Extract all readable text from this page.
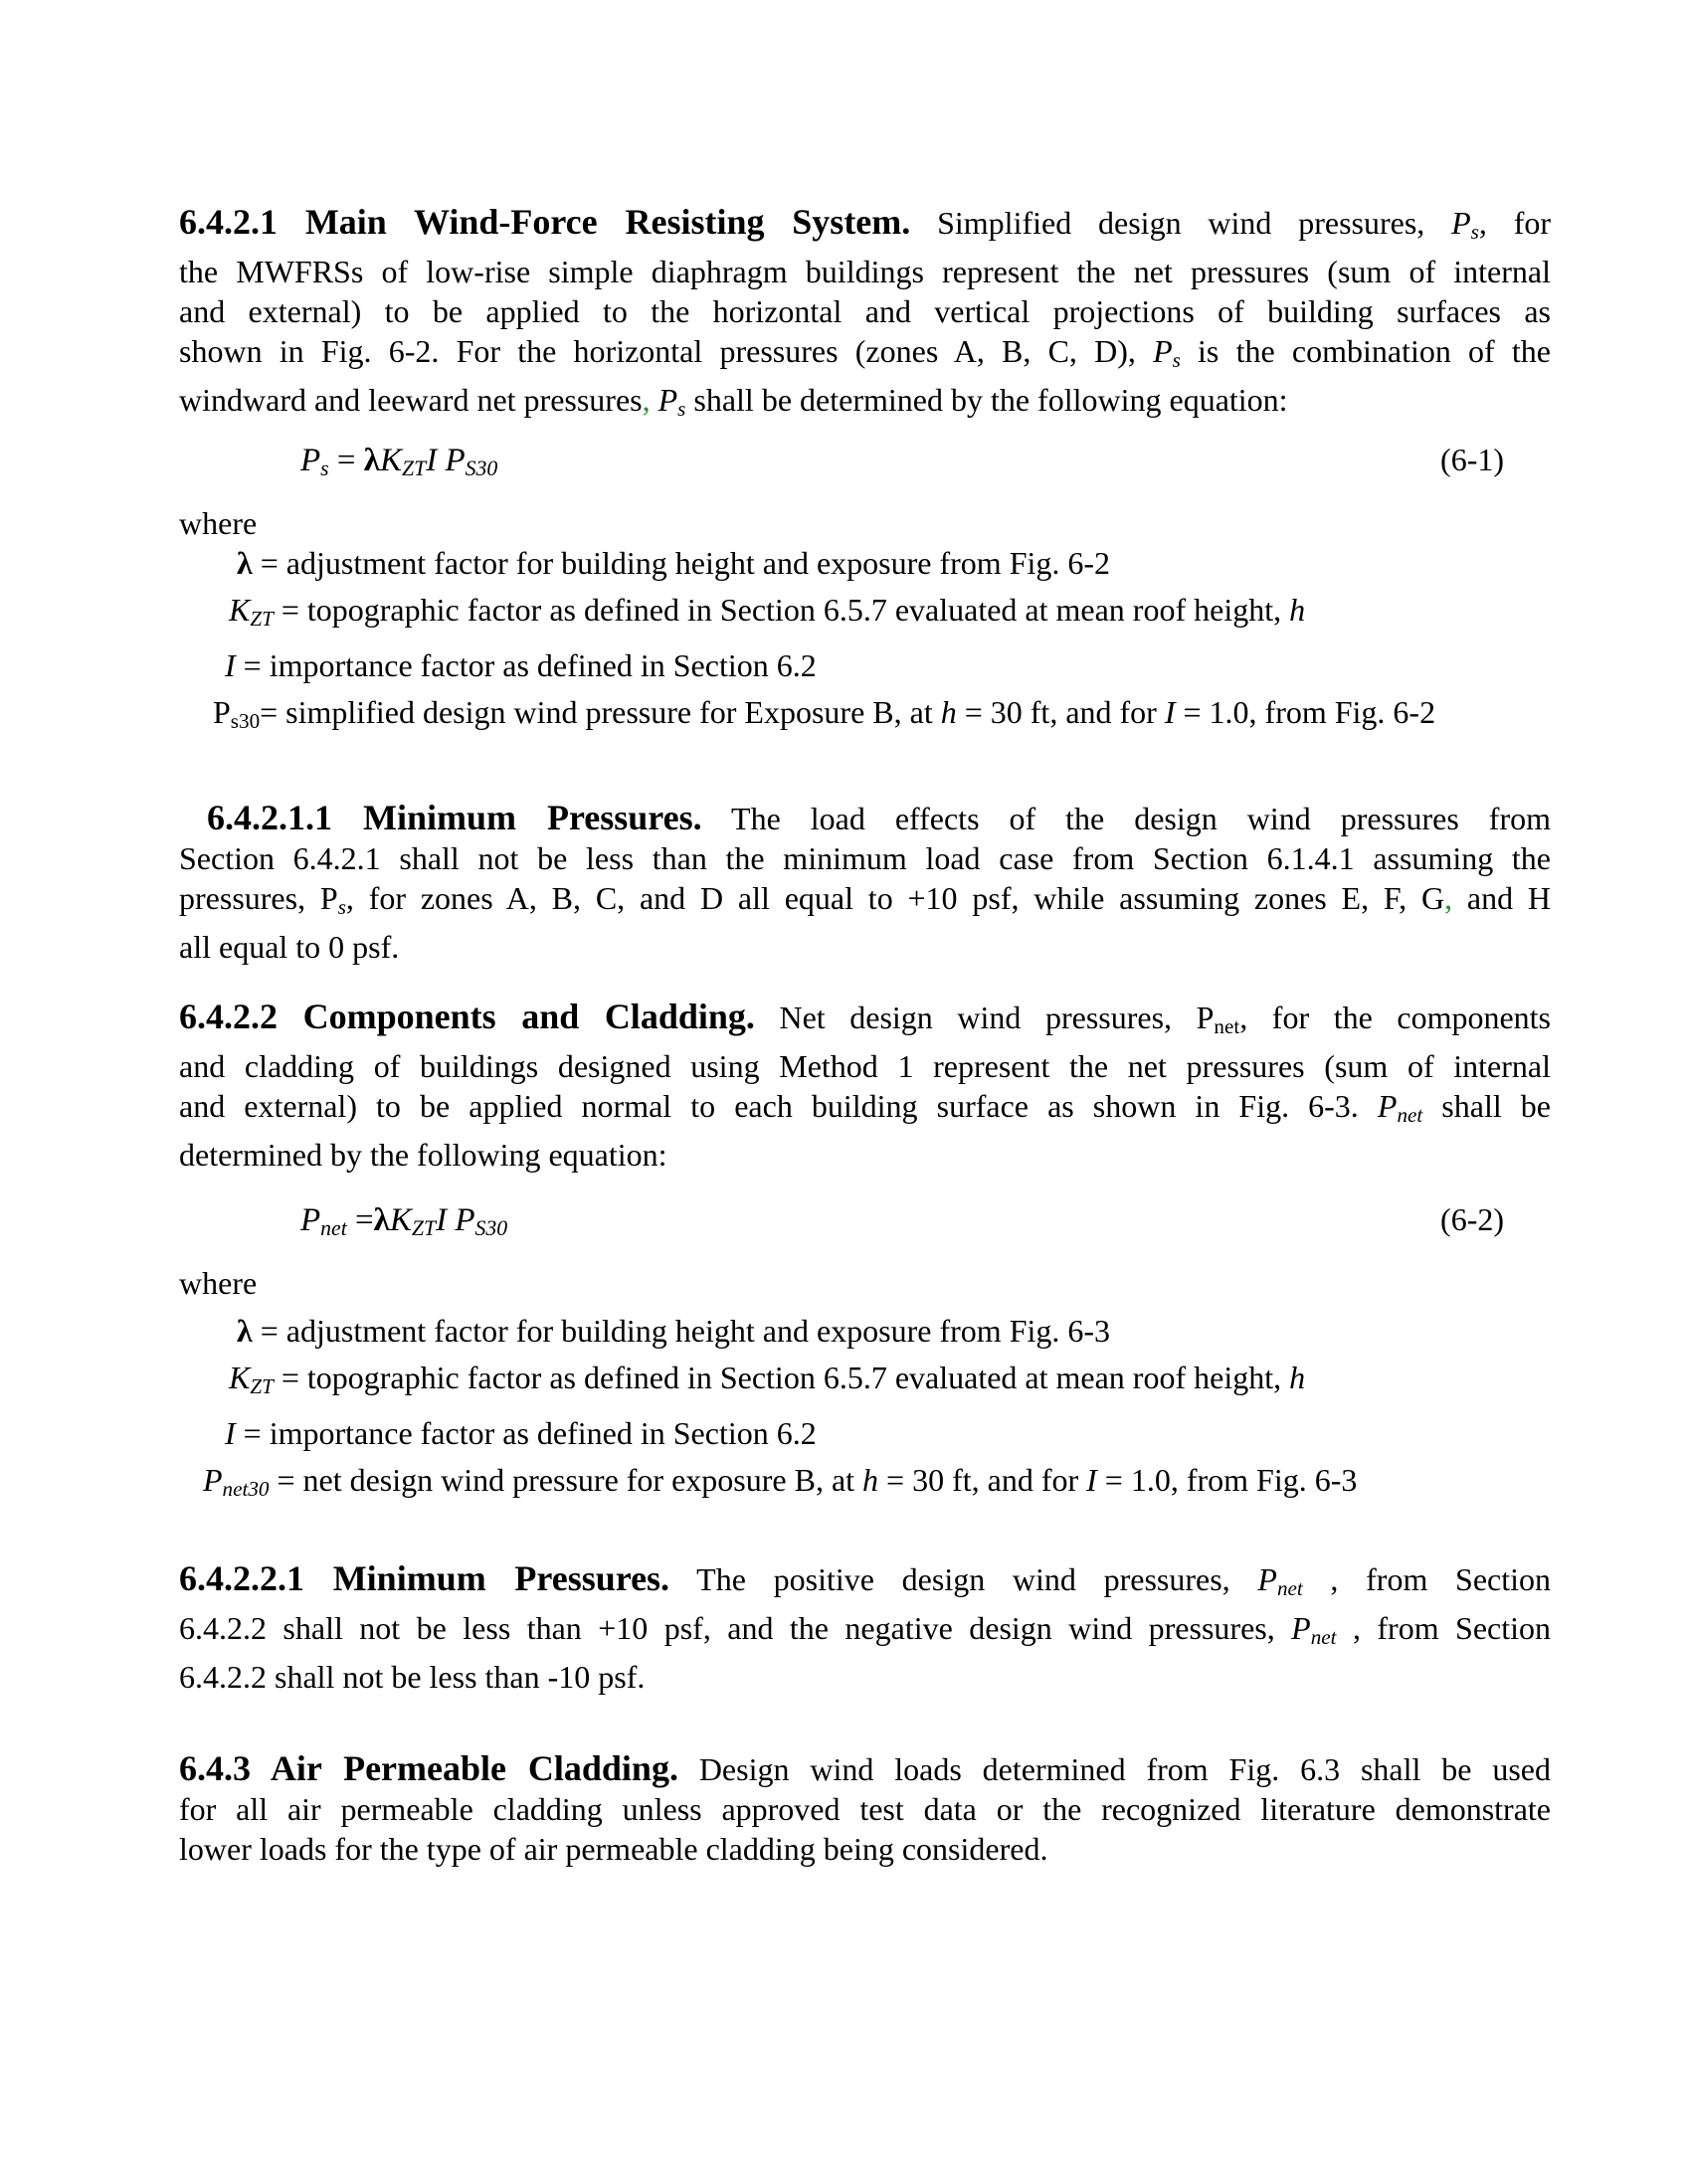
6.4.2.1 Main Wind-Force Resisting System. Simplified design wind pressures, $P_s$, for
the MWFRSs of low-rise simple diaphragm buildings represent the net pressures (sum of internal
and external) to be applied to the horizontal and vertical projections of building surfaces as
shown in Fig. 6-2. For the horizontal pressures (zones A, B, C, D), $P_s$ is the combination of the
windward and leeward net pressures, $P_s$ shall be determined by the following equation:
$P_s = \lambda K_{ZT}I$ $P_{S30}$	(6-1)
where
λ = adjustment factor for building height and exposure from Fig. 6-2
$K_{ZT}$ = topographic factor as defined in Section 6.5.7 evaluated at mean roof height, h
I = importance factor as defined in Section 6.2
$P_{s30}=$ simplified design wind pressure for Exposure B, at h = 30 ft, and for I = 1.0, from Fig. 6-2
6.4.2.1.1 Minimum Pressures. The load effects of the design wind pressures from
Section 6.4.2.1 shall not be less than the minimum load case from Section 6.1.4.1 assuming the
pressures, $P_s$, for zones A, B, C, and D all equal to +10 psf, while assuming zones E, F, G, and H
all equal to 0 psf.
6.4.2.2 Components and Cladding. Net design wind pressures, $P_{net}$, for the components
and cladding of buildings designed using Method 1 represent the net pressures (sum of internal
and external) to be applied normal to each building surface as shown in Fig. 6-3. $P_{net}$ shall be
determined by the following equation:
$P_{net} =\lambda K_{ZT}I$ $P_{S30}$	(6-2)
where
λ = adjustment factor for building height and exposure from Fig. 6-3
$K_{ZT}$ = topographic factor as defined in Section 6.5.7 evaluated at mean roof height, h
I = importance factor as defined in Section 6.2
$P_{net30}$ = net design wind pressure for exposure B, at h = 30 ft, and for I = 1.0, from Fig. 6-3
6.4.2.2.1 Minimum Pressures. The positive design wind pressures, $P_{net}$ , from Section
6.4.2.2 shall not be less than +10 psf, and the negative design wind pressures, $P_{net}$ , from Section
6.4.2.2 shall not be less than -10 psf.
6.4.3 Air Permeable Cladding. Design wind loads determined from Fig. 6.3 shall be used
for all air permeable cladding unless approved test data or the recognized literature demonstrate
lower loads for the type of air permeable cladding being considered.
